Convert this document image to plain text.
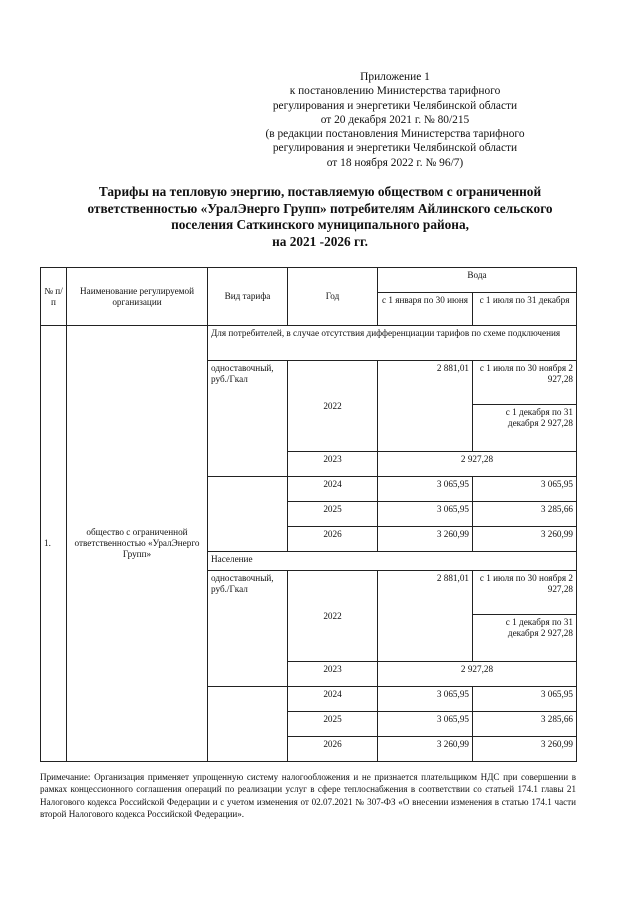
Приложение 1
к постановлению Министерства тарифного
регулирования и энергетики Челябинской области
от 20 декабря 2021 г. № 80/215
(в редакции постановления Министерства тарифного
регулирования и энергетики Челябинской области
от 18 ноября 2022 г. № 96/7)
Тарифы на тепловую энергию, поставляемую обществом с ограниченной
ответственностью «УралЭнерго Групп» потребителям Айлинского сельского
поселения Саткинского муниципального района,
на 2021 -2026 гг.
№ п/п	Наименование регулируемой организации	Вид тарифа	Год	Вода	
				с 1 января по 30 июня	с 1 июля по 31 декабря
1.	общество с ограниченной ответственностью «УралЭнерго Групп»	Для потребителей, в случае отсутствия дифференциации тарифов по схеме подключения			
		одноставочный, руб./Гкал	2022	2 881,01	с 1 июля по 30 ноября 2 927,28
					с 1 декабря по 31 декабря 2 927,28
			2023	2 927,28	
			2024	3 065,95	3 065,95
			2025	3 065,95	3 285,66
			2026	3 260,99	3 260,99
		Население			
		одноставочный, руб./Гкал	2022	2 881,01	с 1 июля по 30 ноября 2 927,28
					с 1 декабря по 31 декабря 2 927,28
			2023	2 927,28	
			2024	3 065,95	3 065,95
			2025	3 065,95	3 285,66
			2026	3 260,99	3 260,99
Примечание: Организация применяет упрощенную систему налогообложения и не признается плательщиком НДС при совершении в рамках концессионного соглашения операций по реализации услуг в сфере теплоснабжения в соответствии со статьей 174.1 главы 21 Налогового кодекса Российской Федерации и с учетом изменения от 02.07.2021 № 307-ФЗ «О внесении изменения в статью 174.1 части второй Налогового кодекса Российской Федерации».
